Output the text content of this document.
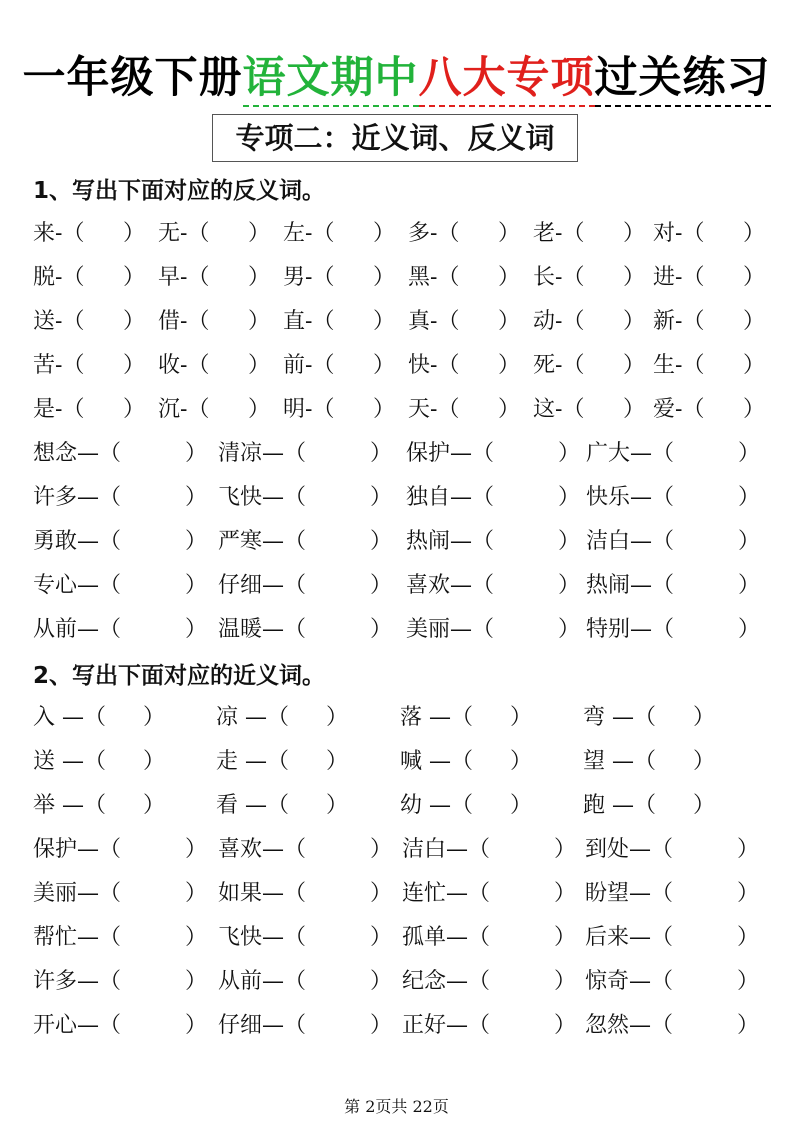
一年级下册语文期中八大专项过关练习
专项二：近义词、反义词
1、写出下面对应的反义词。
来-（ ） 无-（ ） 左-（ ） 多-（ ） 老-（ ） 对-（ ）
脱-（ ） 早-（ ） 男-（ ） 黑-（ ） 长-（ ） 进-（ ）
送-（ ） 借-（ ） 直-（ ） 真-（ ） 动-（ ） 新-（ ）
苦-（ ） 收-（ ） 前-（ ） 快-（ ） 死-（ ） 生-（ ）
是-（ ） 沉-（ ） 明-（ ） 天-（ ） 这-（ ） 爱-（ ）
想念—（	） 清凉—（	） 保护—（	） 广大—（	）
许多—（	） 飞快—（	） 独自—（	） 快乐—（	）
勇敢—（	） 严寒—（	） 热闹—（	） 洁白—（	）
专心—（	） 仔细—（	） 喜欢—（	） 热闹—（	）
从前—（	） 温暖—（	） 美丽—（	） 特别—（	）
2、写出下面对应的近义词。
入 —（ ） 凉 —（ ） 落 —（ ） 弯 —（ ）
送 —（ ） 走 —（ ） 喊 —（ ） 望 —（ ）
举 —（ ） 看 —（ ） 幼 —（ ） 跑 —（ ）
保护—（	） 喜欢—（	） 洁白—（	） 到处—（	）
美丽—（	） 如果—（	） 连忙—（	） 盼望—（	）
帮忙—（	） 飞快—（	） 孤单—（	） 后来—（	）
许多—（	） 从前—（	） 纪念—（	） 惊奇—（	）
开心—（	） 仔细—（	） 正好—（	） 忽然—（	）
第 2页共 22页
